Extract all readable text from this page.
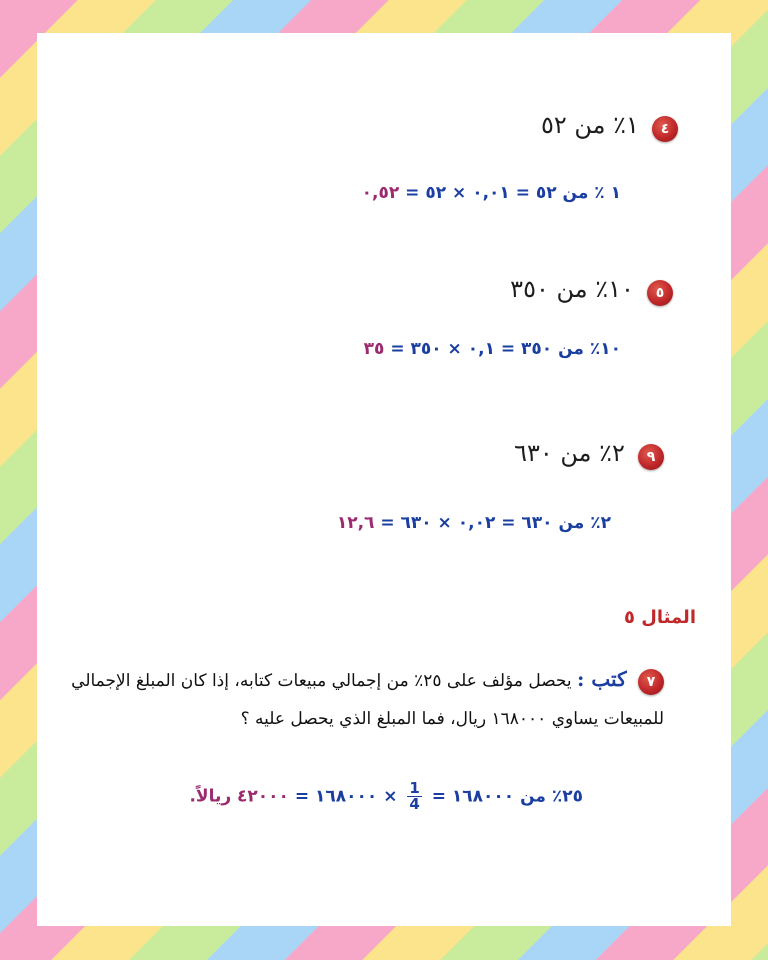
٤ ١٪ من ٥٢
١ ٪ من ٥٢ = ٠,٠١ × ٥٢ = ٠,٥٢
٥ ١٠٪ من ٣٥٠
١٠٪ من ٣٥٠ = ٠,١ × ٣٥٠ = ٣٥
٩ ٢٪ من ٦٣٠
٢٪ من ٦٣٠ = ٠,٠٢ × ٦٣٠ = ١٢,٦
المثال ٥
٧ كتب : يحصل مؤلف على ٢٥٪ من إجمالي مبيعات كتابه، إذا كان المبلغ الإجمالي
للمبيعات يساوي ١٦٨٠٠٠ ريال، فما المبلغ الذي يحصل عليه ؟
٢٥٪ من ١٦٨٠٠٠ =
$\frac{1}{4}$
× ١٦٨٠٠٠ = ٤٢٠٠٠ ريالاً.
